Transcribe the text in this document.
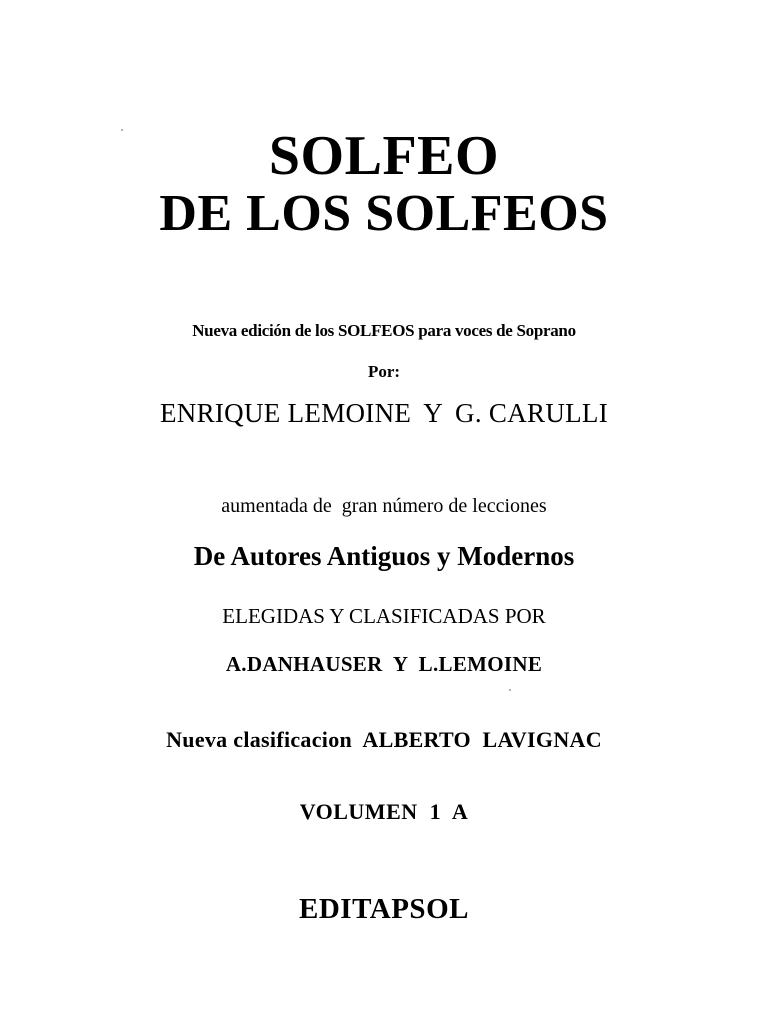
SOLFEO
DE LOS SOLFEOS
Nueva edición de los SOLFEOS para voces de Soprano
Por:
ENRIQUE LEMOINE Y G. CARULLI
aumentada de  gran número de lecciones
De Autores Antiguos y Modernos
ELEGIDAS Y CLASIFICADAS POR
A.DANHAUSER  Y  L.LEMOINE
Nueva clasificacion  ALBERTO  LAVIGNAC
VOLUMEN  1  A
EDITAPSOL
